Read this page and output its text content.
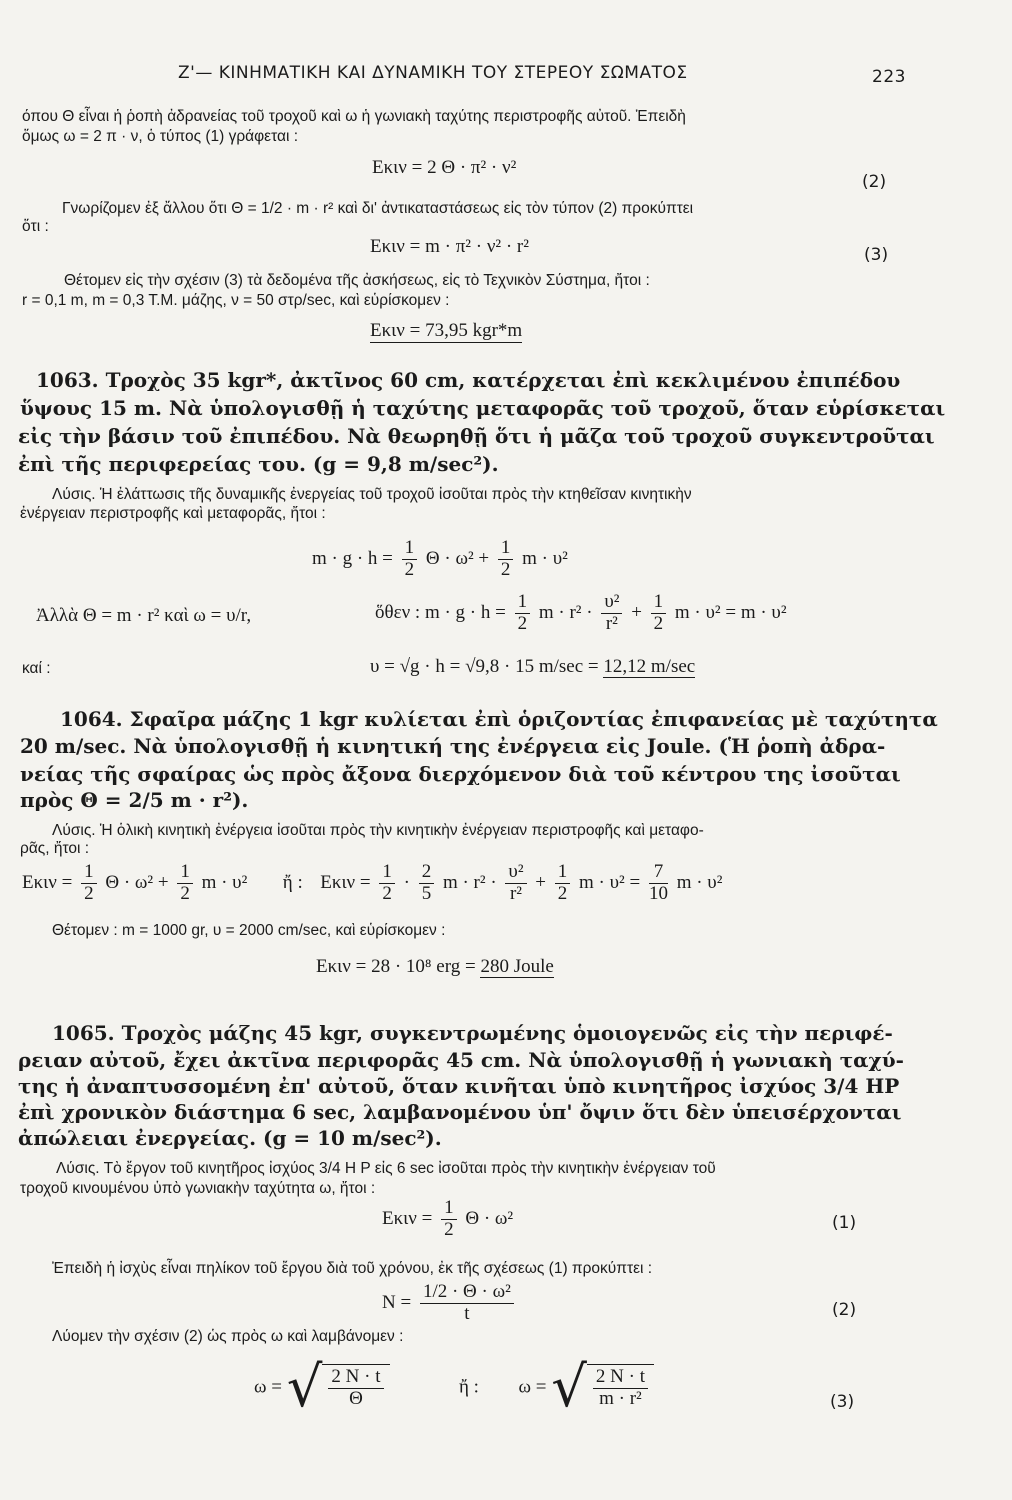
Z'— ΚΙΝΗΜΑΤΙΚΗ ΚΑΙ ΔΥΝΑΜΙΚΗ ΤΟΥ ΣΤΕΡΕΟΥ ΣΩΜΑΤΟΣ	223
όπου Θ εἶναι ἡ ῥοπὴ ἀδρανείας τοῦ τροχοῦ καὶ ω ἡ γωνιακὴ ταχύτης περιστροφῆς αὐτοῦ. Ἐπειδὴ
ὅμως ω = 2 π · ν, ὁ τύπος (1) γράφεται :
Eκιν = 2 Θ · π² · ν²
(2)
Γνωρίζομεν ἐξ ἄλλου ὅτι Θ = 1/2 · m · r² καὶ δι' ἀντικαταστάσεως εἰς τὸν τύπον (2) προκύπτει
ὅτι :
Eκιν = m · π² · ν² · r²	(3)
Θέτομεν εἰς τὴν σχέσιν (3) τὰ δεδομένα τῆς ἀσκήσεως, εἰς τὸ Τεχνικὸν Σύστημα, ἤτοι :
r = 0,1 m, m = 0,3 T.M. μάζης, ν = 50 στρ/sec, καὶ εὑρίσκομεν :
Eκιν = 73,95 kgr*m
1063. Τροχὸς 35 kgr*, ἀκτῖνος 60 cm, κατέρχεται ἐπὶ κεκλιμένου ἐπιπέδου
ὕψους 15 m. Νὰ ὑπολογισθῇ ἡ ταχύτης μεταφορᾶς τοῦ τροχοῦ, ὅταν εὑρίσκεται
εἰς τὴν βάσιν τοῦ ἐπιπέδου. Νὰ θεωρηθῇ ὅτι ἡ μᾶζα τοῦ τροχοῦ συγκεντροῦται
ἐπὶ τῆς περιφερείας του. (g = 9,8 m/sec²).
Λύσις. Ἡ ἐλάττωσις τῆς δυναμικῆς ἐνεργείας τοῦ τροχοῦ ἰσοῦται πρὸς τὴν κτηθεῖσαν κινητικὴν
ἐνέργειαν περιστροφῆς καὶ μεταφορᾶς, ἤτοι :
$m \cdot g \cdot h = \frac{1}{2}$ $\Theta \cdot \omega^2 + \frac{1}{2}$ m · υ²
Ἀλλὰ Θ = m · r² καὶ ω = υ/r,	ὅθεν : $m \cdot g \cdot h = \frac{1}{2}$ $m \cdot r^2 \cdot \frac{\text{υ²}}{\text{r²}} + \frac{1}{2}$ m · υ² = m · υ²
καί :	υ = √g · h = √9,8 · 15 m/sec = 12,12 m/sec
1064. Σφαῖρα μάζης 1 kgr κυλίεται ἐπὶ ὁριζοντίας ἐπιφανείας μὲ ταχύτητα
20 m/sec. Νὰ ὑπολογισθῇ ἡ κινητική της ἐνέργεια εἰς Joule. (Ἡ ῥοπὴ ἀδρα-
νείας τῆς σφαίρας ὡς πρὸς ἄξονα διερχόμενον διὰ τοῦ κέντρου της ἰσοῦται
πρὸς Θ = 2/5 m · r²).
Λύσις. Ἡ ὁλικὴ κινητικὴ ἐνέργεια ἰσοῦται πρὸς τὴν κινητικὴν ἐνέργειαν περιστροφῆς καὶ μεταφο-
ρᾶς, ἤτοι :
$E\kappa\iota\nu = \frac{1}{2}$ $\Theta \cdot \omega^2 + \frac{1}{2}$ m · υ² ἤ : $E\kappa\iota\nu = \frac{1}{2} \cdot \frac{2}{5}$ $m \cdot r^2 \cdot \frac{\text{υ²}}{\text{r²}} + \frac{1}{2}$ $m \cdot \upsilon^2 = \frac{7}{10}$ m · υ²
Θέτομεν : m = 1000 gr, υ = 2000 cm/sec, καὶ εὑρίσκομεν :
Eκιν = 28 · 10⁸ erg = 280 Joule
1065. Τροχὸς μάζης 45 kgr, συγκεντρωμένης ὁμοιογενῶς εἰς τὴν περιφέ-
ρειαν αὐτοῦ, ἔχει ἀκτῖνα περιφορᾶς 45 cm. Νὰ ὑπολογισθῇ ἡ γωνιακὴ ταχύ-
της ἡ ἀναπτυσσομένη ἐπ' αὐτοῦ, ὅταν κινῆται ὑπὸ κινητῆρος ἰσχύος 3/4 HP
ἐπὶ χρονικὸν διάστημα 6 sec, λαμβανομένου ὑπ' ὄψιν ὅτι δὲν ὑπεισέρχονται
ἀπώλειαι ἐνεργείας. (g = 10 m/sec²).
Λύσις. Τὸ ἔργον τοῦ κινητῆρος ἰσχύος 3/4 H P εἰς 6 sec ἰσοῦται πρὸς τὴν κινητικὴν ἐνέργειαν τοῦ
τροχοῦ κινουμένου ὑπὸ γωνιακὴν ταχύτητα ω, ἤτοι :
$E\kappa\iota\nu = \frac{1}{2}$ Θ · ω²	(1)
Ἐπειδὴ ἡ ἰσχὺς εἶναι πηλίκον τοῦ ἔργου διὰ τοῦ χρόνου, ἐκ τῆς σχέσεως (1) προκύπτει :
$N = \frac{\text{1/2 · Θ · ω²}}{t}$	(2)
Λύομεν τὴν σχέσιν (2) ὡς πρὸς ω καὶ λαμβάνομεν :
ω = √ $\frac{2 N \cdot t}{\Theta}$	ἤ : ω = √ $\frac{2 N \cdot t}{\text{m · r²}}$	(3)
